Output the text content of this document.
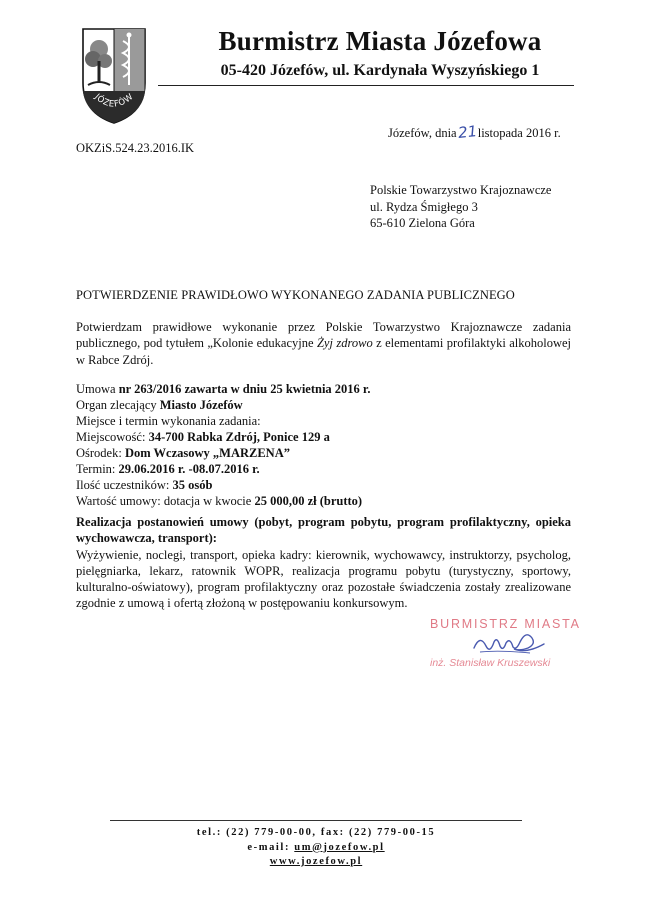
JÓZEFÓW
Burmistrz Miasta Józefowa
05-420 Józefów, ul. Kardynała Wyszyńskiego 1
Józefów, dnia21listopada 2016 r.
OKZiS.524.23.2016.IK
Polskie Towarzystwo Krajoznawcze
ul. Rydza Śmigłego 3
65-610 Zielona Góra
POTWIERDZENIE PRAWIDŁOWO WYKONANEGO ZADANIA PUBLICZNEGO
Potwierdzam prawidłowe wykonanie przez Polskie Towarzystwo Krajoznawcze zadania publicznego, pod tytułem „Kolonie edukacyjne Żyj zdrowo z elementami profilaktyki alkoholowej w Rabce Zdrój.
Umowa nr 263/2016 zawarta w dniu 25 kwietnia 2016 r.
Organ zlecający Miasto Józefów
Miejsce i termin wykonania zadania:
Miejscowość: 34-700 Rabka Zdrój, Ponice 129 a
Ośrodek: Dom Wczasowy „MARZENA”
Termin: 29.06.2016 r. -08.07.2016 r.
Ilość uczestników: 35 osób
Wartość umowy: dotacja w kwocie 25 000,00 zł (brutto)
Realizacja postanowień umowy (pobyt, program pobytu, program profilaktyczny, opieka wychowawcza, transport):
Wyżywienie, noclegi, transport, opieka kadry: kierownik, wychowawcy, instruktorzy, psycholog, pielęgniarka, lekarz, ratownik WOPR, realizacja programu pobytu (turystyczny, sportowy, kulturalno-oświatowy), program profilaktyczny oraz pozostałe świadczenia zostały zrealizowane zgodnie z umową i ofertą złożoną w postępowaniu konkursowym.
BURMISTRZ MIASTA
inż. Stanisław Kruszewski
tel.: (22) 779-00-00, fax: (22) 779-00-15
e-mail: um@jozefow.pl
www.jozefow.pl
